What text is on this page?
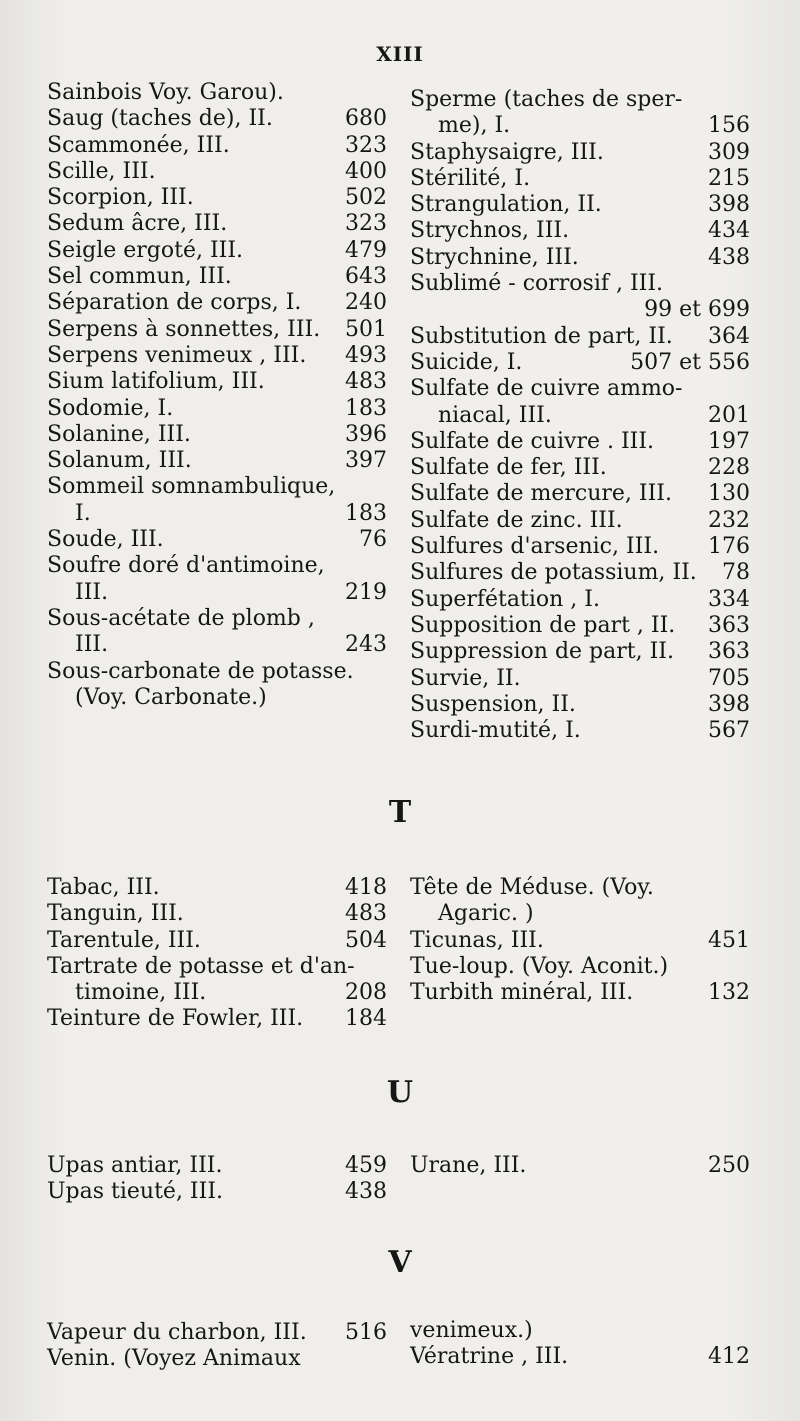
XIII
Sainbois Voy. Garou).
Saug (taches de), II.	680
Scammonée, III.	323
Scille, III.	400
Scorpion, III.	502
Sedum âcre, III.	323
Seigle ergoté, III.	479
Sel commun, III.	643
Séparation de corps, I.	240
Serpens à sonnettes, III.	501
Serpens venimeux , III.	493
Sium latifolium, III.	483
Sodomie, I.	183
Solanine, III.	396
Solanum, III.	397
Sommeil somnambulique,
I.	183
Soude, III.	76
Soufre doré d'antimoine,
III.	219
Sous-acétate de plomb ,
III.	243
Sous-carbonate de potasse.
(Voy. Carbonate.)
Sperme (taches de sper-
me), I.	156
Staphysaigre, III.	309
Stérilité, I.	215
Strangulation, II.	398
Strychnos, III.	434
Strychnine, III.	438
Sublimé - corrosif , III.
99 et 699
Substitution de part, II.	364
Suicide, I.	507 et 556
Sulfate de cuivre ammo-
niacal, III.	201
Sulfate de cuivre . III.	197
Sulfate de fer, III.	228
Sulfate de mercure, III.	130
Sulfate de zinc. III.	232
Sulfures d'arsenic, III.	176
Sulfures de potassium, II.	78
Superfétation , I.	334
Supposition de part , II.	363
Suppression de part, II.	363
Survie, II.	705
Suspension, II.	398
Surdi-mutité, I.	567
T
Tabac, III.	418
Tanguin, III.	483
Tarentule, III.	504
Tartrate de potasse et d'an-
timoine, III.	208
Teinture de Fowler, III.	184
Tête de Méduse. (Voy.
Agaric. )
Ticunas, III.	451
Tue-loup. (Voy. Aconit.)
Turbith minéral, III.	132
U
Upas antiar, III.	459
Upas tieuté, III.	438
Urane, III.	250
V
Vapeur du charbon, III.	516
Venin. (Voyez Animaux
venimeux.)
Vératrine , III.	412
